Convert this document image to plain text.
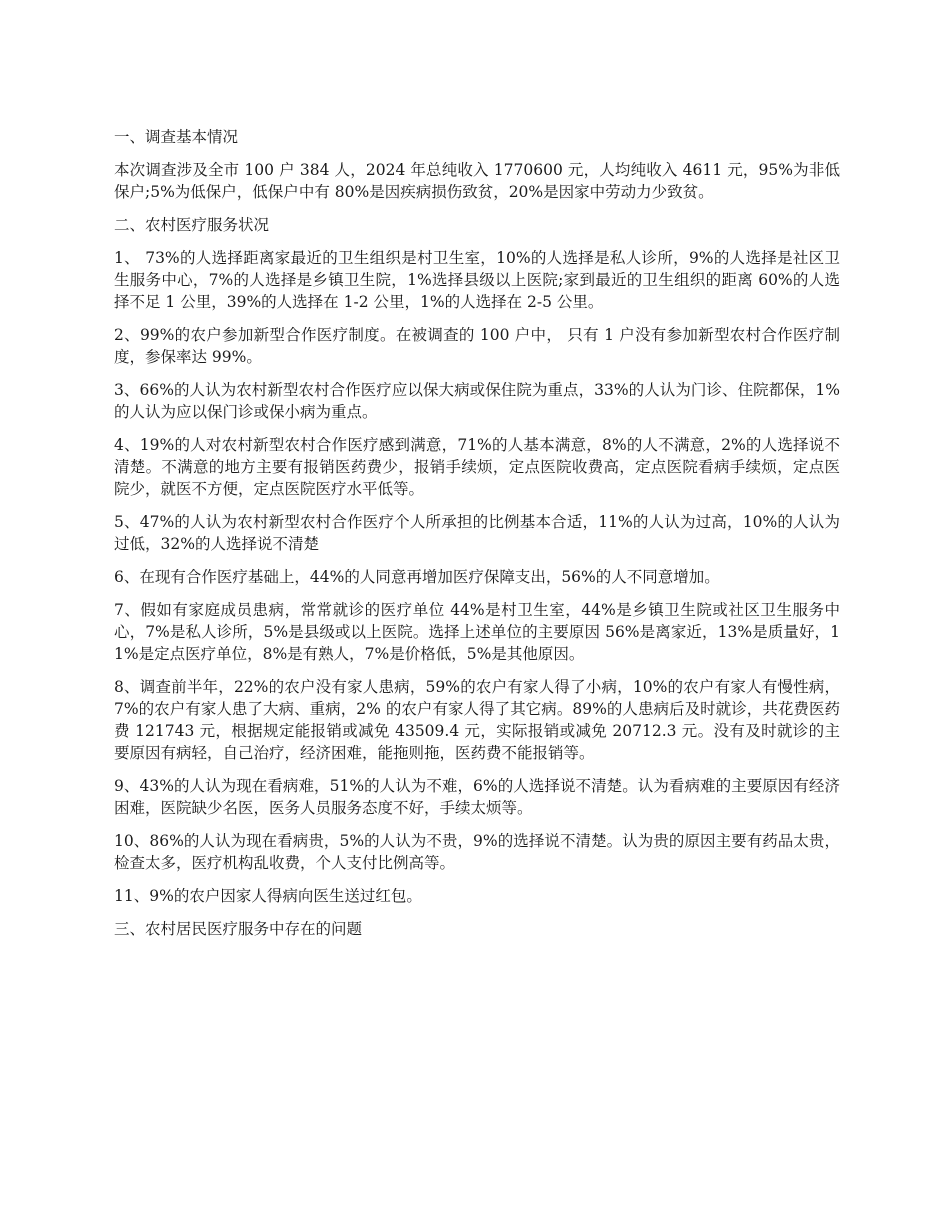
一、调查基本情况
本次调查涉及全市 100 户 384 人，2024 年总纯收入 1770600 元，人均纯收入 4611 元，95%为非低保户;5%为低保户，低保户中有 80%是因疾病损伤致贫，20%是因家中劳动力少致贫。
二、农村医疗服务状况
1、 73%的人选择距离家最近的卫生组织是村卫生室，10%的人选择是私人诊所，9%的人选择是社区卫生服务中心，7%的人选择是乡镇卫生院，1%选择县级以上医院;家到最近的卫生组织的距离 60%的人选择不足 1 公里，39%的人选择在 1-2 公里，1%的人选择在 2-5 公里。
2、99%的农户参加新型合作医疗制度。在被调查的 100 户中， 只有 1 户没有参加新型农村合作医疗制度，参保率达 99%。
3、66%的人认为农村新型农村合作医疗应以保大病或保住院为重点，33%的人认为门诊、住院都保，1%的人认为应以保门诊或保小病为重点。
4、19%的人对农村新型农村合作医疗感到满意，71%的人基本满意，8%的人不满意，2%的人选择说不清楚。不满意的地方主要有报销医药费少，报销手续烦，定点医院收费高，定点医院看病手续烦，定点医院少，就医不方便，定点医院医疗水平低等。
5、47%的人认为农村新型农村合作医疗个人所承担的比例基本合适，11%的人认为过高，10%的人认为过低，32%的人选择说不清楚
6、在现有合作医疗基础上，44%的人同意再增加医疗保障支出，56%的人不同意增加。
7、假如有家庭成员患病，常常就诊的医疗单位 44%是村卫生室，44%是乡镇卫生院或社区卫生服务中心，7%是私人诊所，5%是县级或以上医院。选择上述单位的主要原因 56%是离家近，13%是质量好，11%是定点医疗单位，8%是有熟人，7%是价格低，5%是其他原因。
8、调查前半年，22%的农户没有家人患病，59%的农户有家人得了小病，10%的农户有家人有慢性病，7%的农户有家人患了大病、重病，2% 的农户有家人得了其它病。89%的人患病后及时就诊，共花费医药费 121743 元，根据规定能报销或减免 43509.4 元，实际报销或减免 20712.3 元。没有及时就诊的主要原因有病轻，自己治疗，经济困难，能拖则拖，医药费不能报销等。
9、43%的人认为现在看病难，51%的人认为不难，6%的人选择说不清楚。认为看病难的主要原因有经济困难，医院缺少名医，医务人员服务态度不好，手续太烦等。
10、86%的人认为现在看病贵，5%的人认为不贵，9%的选择说不清楚。认为贵的原因主要有药品太贵，检查太多，医疗机构乱收费，个人支付比例高等。
11、9%的农户因家人得病向医生送过红包。
三、农村居民医疗服务中存在的问题
